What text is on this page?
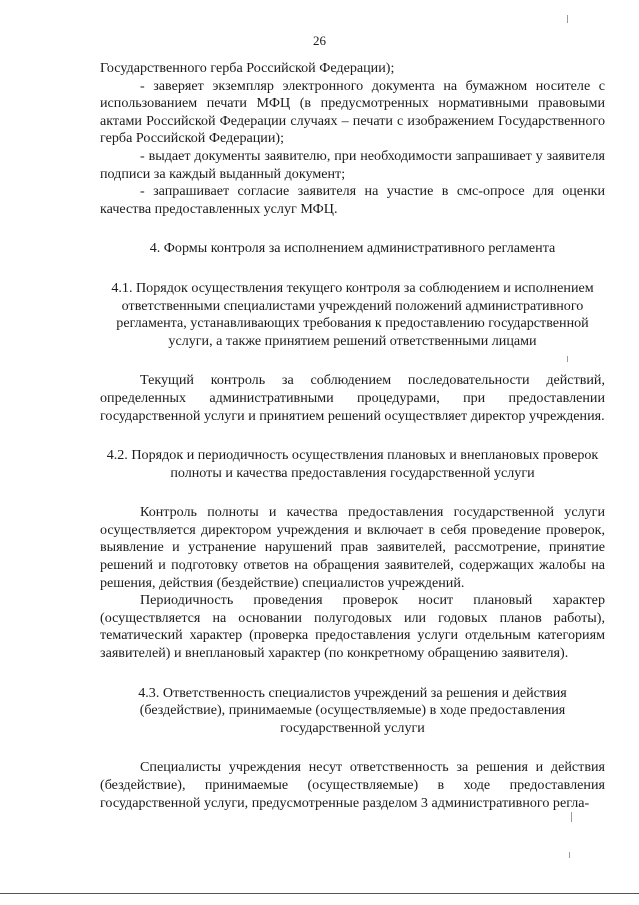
26

Государственного герба Российской Федерации);

- заверяет экземпляр электронного документа на бумажном носителе с использованием печати МФЦ (в предусмотренных нормативными правовыми актами Российской Федерации случаях – печати с изображением Государственного герба Российской Федерации);

- выдает документы заявителю, при необходимости запрашивает у заявителя подписи за каждый выданный документ;

- запрашивает согласие заявителя на участие в смс-опросе для оценки качества предоставленных услуг МФЦ.

4. Формы контроля за исполнением административного регламента

4.1. Порядок осуществления текущего контроля за соблюдением и исполнением ответственными специалистами учреждений положений административного регламента, устанавливающих требования к предоставлению государственной услуги, а также принятием решений ответственными лицами

Текущий контроль за соблюдением последовательности действий, определенных административными процедурами, при предоставлении государственной услуги и принятием решений осуществляет директор учреждения.

4.2. Порядок и периодичность осуществления плановых и внеплановых проверок полноты и качества предоставления государственной услуги

Контроль полноты и качества предоставления государственной услуги осуществляется директором учреждения и включает в себя проведение проверок, выявление и устранение нарушений прав заявителей, рассмотрение, принятие решений и подготовку ответов на обращения заявителей, содержащих жалобы на решения, действия (бездействие) специалистов учреждений.

Периодичность проведения проверок носит плановый характер (осуществляется на основании полугодовых или годовых планов работы), тематический характер (проверка предоставления услуги отдельным категориям заявителей) и внеплановый характер (по конкретному обращению заявителя).

4.3. Ответственность специалистов учреждений за решения и действия (бездействие), принимаемые (осуществляемые) в ходе предоставления государственной услуги

Специалисты учреждения несут ответственность за решения и действия (бездействие), принимаемые (осуществляемые) в ходе предоставления государственной услуги, предусмотренные разделом 3 административного регла-
